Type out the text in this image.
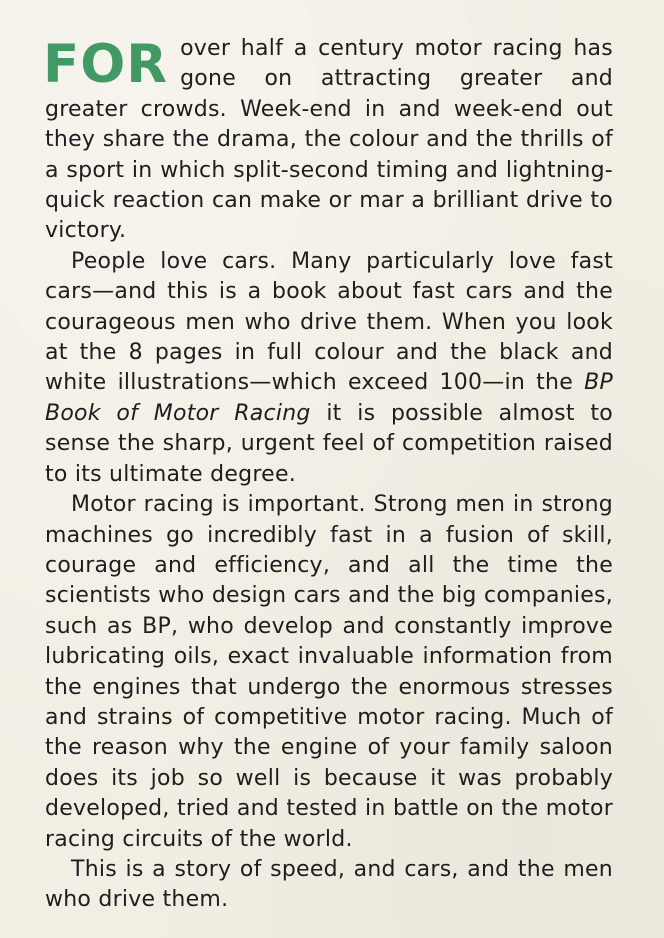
FOR over half a century motor racing has gone on attracting greater and greater crowds. Week-end in and week-end out they share the drama, the colour and the thrills of a sport in which split-second timing and lightning-quick reaction can make or mar a brilliant drive to victory.

People love cars. Many particularly love fast cars—and this is a book about fast cars and the courageous men who drive them. When you look at the 8 pages in full colour and the black and white illustrations—which exceed 100—in the BP Book of Motor Racing it is possible almost to sense the sharp, urgent feel of competition raised to its ultimate degree.

Motor racing is important. Strong men in strong machines go incredibly fast in a fusion of skill, courage and efficiency, and all the time the scientists who design cars and the big companies, such as BP, who develop and constantly improve lubricating oils, exact invaluable information from the engines that undergo the enormous stresses and strains of competitive motor racing. Much of the reason why the engine of your family saloon does its job so well is because it was probably developed, tried and tested in battle on the motor racing circuits of the world.

This is a story of speed, and cars, and the men who drive them.
